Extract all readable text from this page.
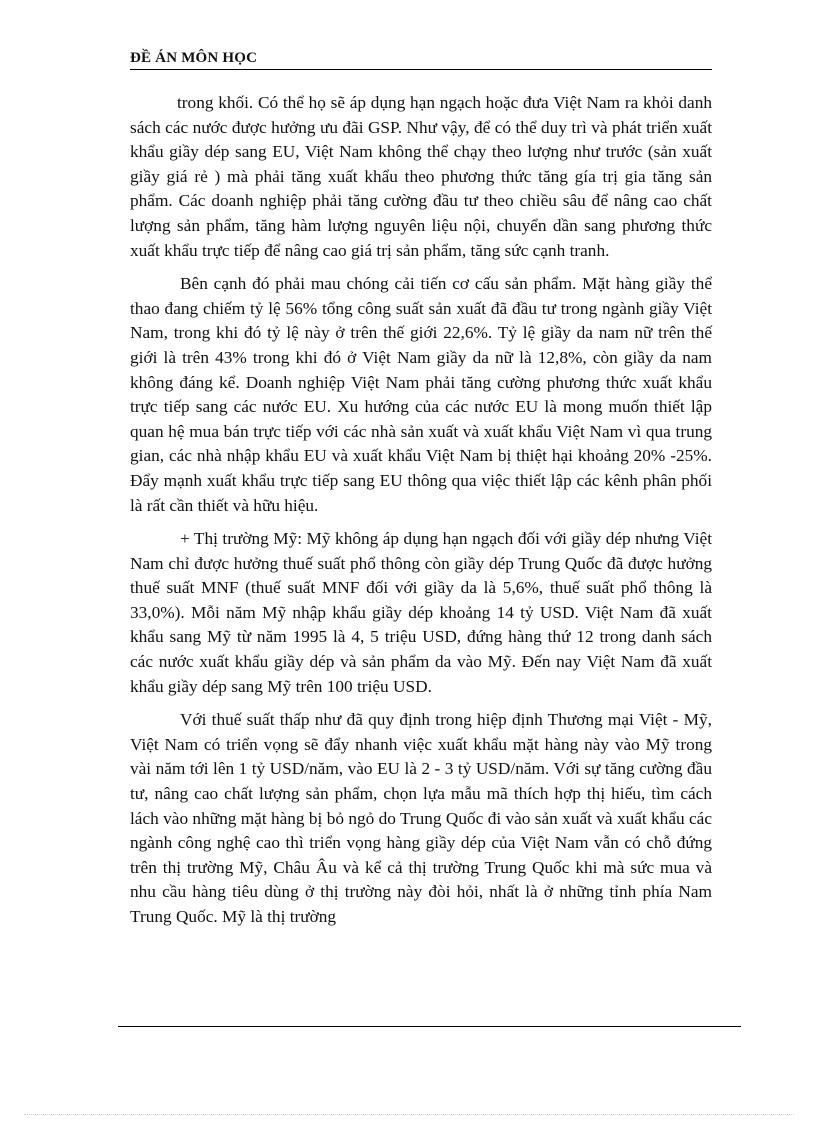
ĐỀ ÁN MÔN HỌC

trong khối. Có thể họ sẽ áp dụng hạn ngạch hoặc đưa Việt Nam ra khỏi danh sách các nước được hưởng ưu đãi GSP. Như vậy, để có thể duy trì và phát triển xuất khẩu giầy dép sang EU, Việt Nam không thể chạy theo lượng như trước (sản xuất giầy giá rẻ ) mà phải tăng xuất khẩu theo phương thức tăng gía trị gia tăng sản phẩm. Các doanh nghiệp phải tăng cường đầu tư theo chiều sâu để nâng cao chất lượng sản phẩm, tăng hàm lượng nguyên liệu nội, chuyển dần sang phương thức xuất khẩu trực tiếp để nâng cao giá trị sản phẩm, tăng sức cạnh tranh.

Bên cạnh đó phải mau chóng cải tiến cơ cấu sản phẩm. Mặt hàng giầy thể thao đang chiếm tỷ lệ 56% tổng công suất sản xuất đã đầu tư trong ngành giầy Việt Nam, trong khi đó tỷ lệ này ở trên thế giới 22,6%. Tỷ lệ giầy da nam nữ trên thế giới là trên 43% trong khi đó ở Việt Nam giầy da nữ là 12,8%, còn giầy da nam không đáng kể. Doanh nghiệp Việt Nam phải tăng cường phương thức xuất khẩu trực tiếp sang các nước EU. Xu hướng của các nước EU là mong muốn thiết lập quan hệ mua bán trực tiếp với các nhà sản xuất và xuất khẩu Việt Nam vì qua trung gian, các nhà nhập khẩu EU và xuất khẩu Việt Nam bị thiệt hại khoảng 20% -25%. Đẩy mạnh xuất khẩu trực tiếp sang EU thông qua việc thiết lập các kênh phân phối là rất cần thiết và hữu hiệu.

+ Thị trường Mỹ: Mỹ không áp dụng hạn ngạch đối với giầy dép nhưng Việt Nam chỉ được hưởng thuế suất phổ thông còn giầy dép Trung Quốc đã được hưởng thuế suất MNF (thuế suất MNF đối với giầy da là 5,6%, thuế suất phổ thông là 33,0%). Mỗi năm Mỹ nhập khẩu giầy dép khoảng 14 tỷ USD. Việt Nam đã xuất khẩu sang Mỹ từ năm 1995 là 4, 5 triệu USD, đứng hàng thứ 12 trong danh sách các nước xuất khẩu giầy dép và sản phẩm da vào Mỹ. Đến nay Việt Nam đã xuất khẩu giầy dép sang Mỹ trên 100 triệu USD.

Với thuế suất thấp như đã quy định trong hiệp định Thương mại Việt - Mỹ, Việt Nam có triển vọng sẽ đẩy nhanh việc xuất khẩu mặt hàng này vào Mỹ trong vài năm tới lên 1 tỷ USD/năm, vào EU là 2 - 3 tỷ USD/năm. Với sự tăng cường đầu tư, nâng cao chất lượng sản phẩm, chọn lựa mẫu mã thích hợp thị hiếu, tìm cách lách vào những mặt hàng bị bỏ ngỏ do Trung Quốc đi vào sản xuất và xuất khẩu các ngành công nghệ cao thì triển vọng hàng giầy dép của Việt Nam vẫn có chỗ đứng trên thị trường Mỹ, Châu Âu và kể cả thị trường Trung Quốc khi mà sức mua và nhu cầu hàng tiêu dùng ở thị trường này đòi hỏi, nhất là ở những tỉnh phía Nam Trung Quốc. Mỹ là thị trường
